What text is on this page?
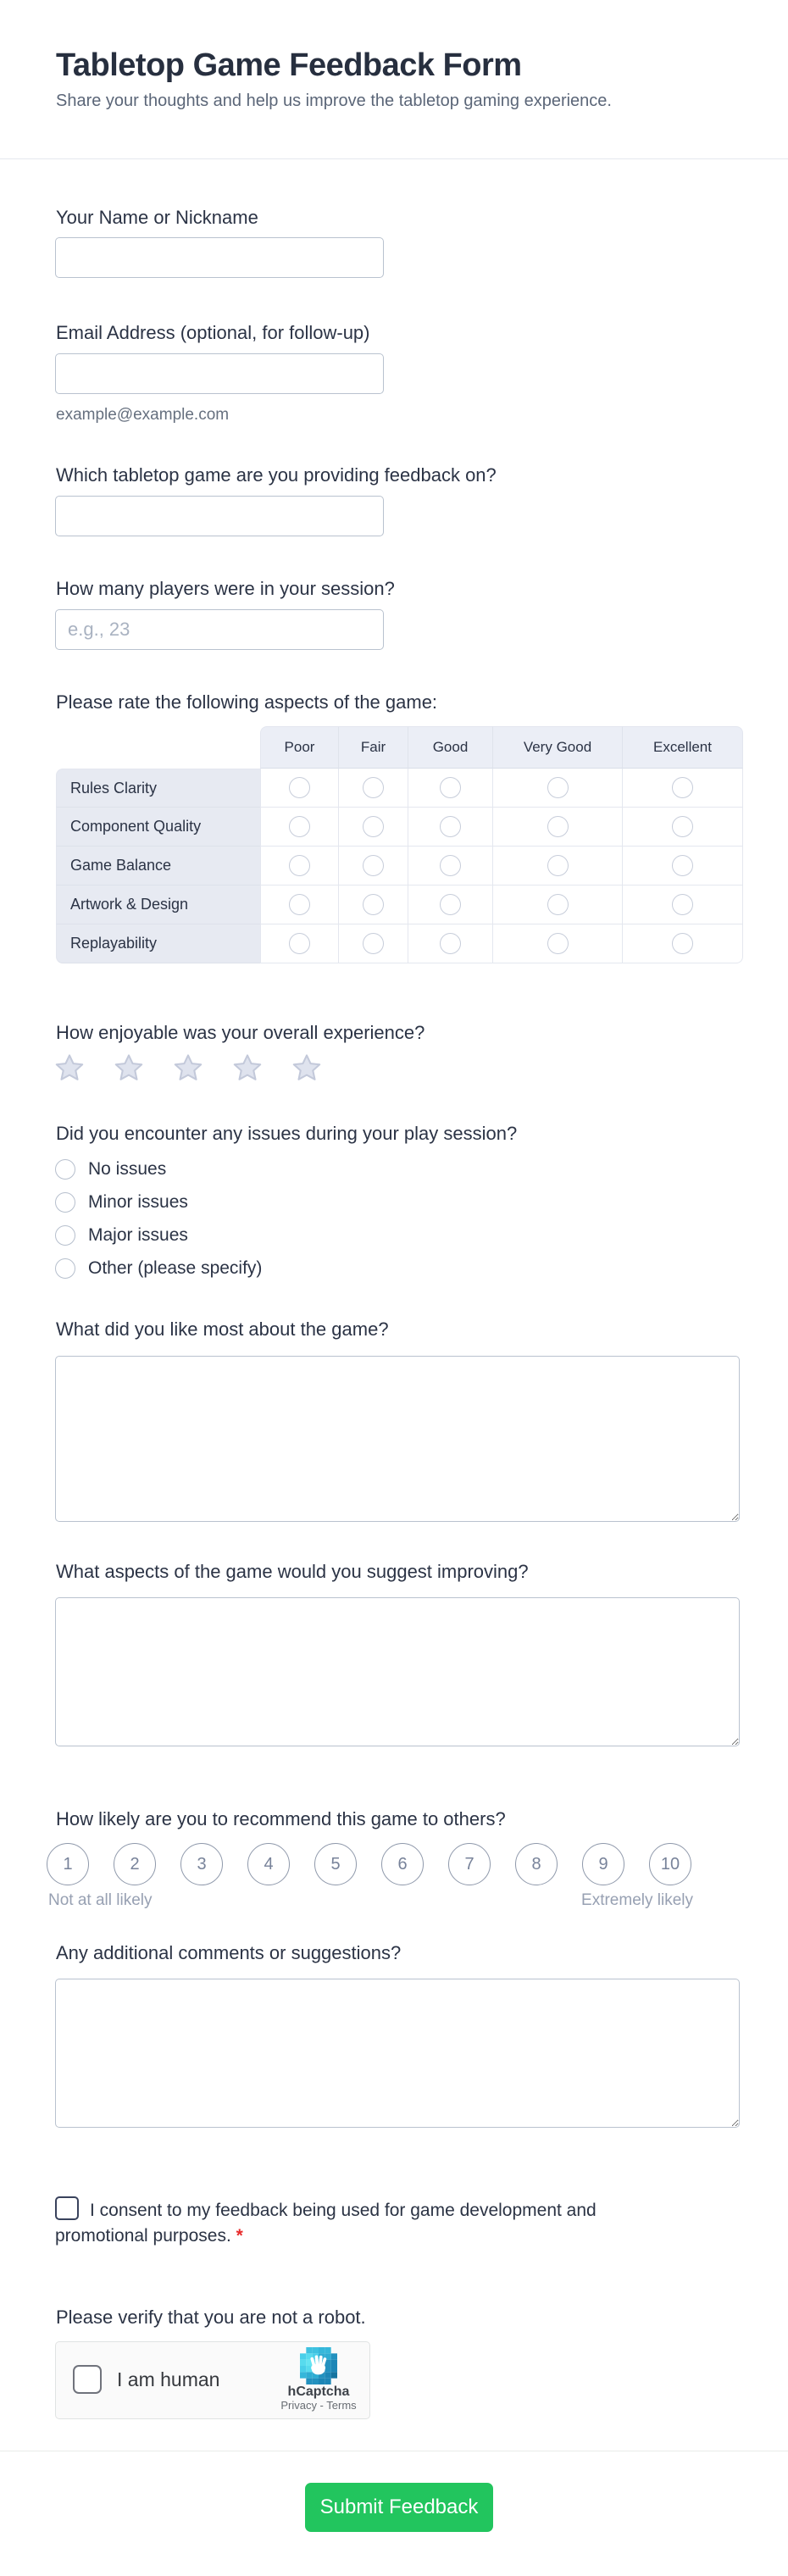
Tabletop Game Feedback Form
Share your thoughts and help us improve the tabletop gaming experience.
Your Name or Nickname
Email Address (optional, for follow-up)
example@example.com
Which tabletop game are you providing feedback on?
How many players were in your session?
e.g., 23
Please rate the following aspects of the game:
Poor	Fair	Good	Very Good	Excellent
Rules Clarity
Component Quality
Game Balance
Artwork & Design
Replayability
How enjoyable was your overall experience?
Did you encounter any issues during your play session?
No issues
Minor issues
Major issues
Other (please specify)
What did you like most about the game?
What aspects of the game would you suggest improving?
How likely are you to recommend this game to others?
1	2	3	4	5	6	7	8	9	10
Not at all likely	Extremely likely
Any additional comments or suggestions?
I consent to my feedback being used for game development and
promotional purposes. *
Please verify that you are not a robot.
I am human
hCaptcha
Privacy - Terms
Submit Feedback
